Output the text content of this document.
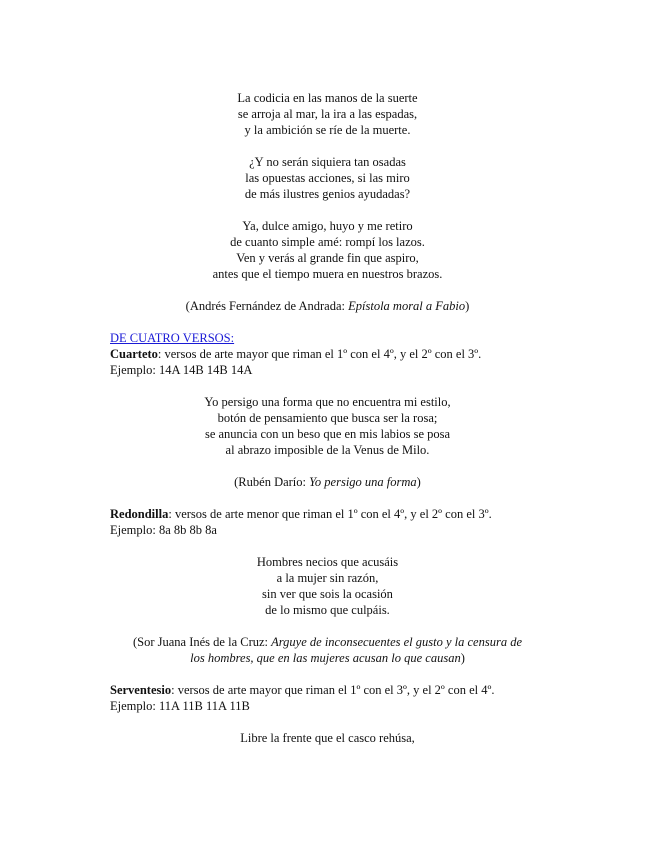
La codicia en las manos de la suerte
se arroja al mar, la ira a las espadas,
y la ambición se ríe de la muerte.
¿Y no serán siquiera tan osadas
las opuestas acciones, si las miro
de más ilustres genios ayudadas?
Ya, dulce amigo, huyo y me retiro
de cuanto simple amé: rompí los lazos.
Ven y verás al grande fin que aspiro,
antes que el tiempo muera en nuestros brazos.
(Andrés Fernández de Andrada: Epístola moral a Fabio)
DE CUATRO VERSOS:
Cuarteto: versos de arte mayor que riman el 1º con el 4º, y el 2º con el 3º.
Ejemplo: 14A 14B 14B 14A
Yo persigo una forma que no encuentra mi estilo,
botón de pensamiento que busca ser la rosa;
se anuncia con un beso que en mis labios se posa
al abrazo imposible de la Venus de Milo.
(Rubén Darío: Yo persigo una forma)
Redondilla: versos de arte menor que riman el 1º con el 4º, y el 2º con el 3º.
Ejemplo: 8a 8b 8b 8a
Hombres necios que acusáis
a la mujer sin razón,
sin ver que sois la ocasión
de lo mismo que culpáis.
(Sor Juana Inés de la Cruz: Arguye de inconsecuentes el gusto y la censura de
los hombres, que en las mujeres acusan lo que causan)
Serventesio: versos de arte mayor que riman el 1º con el 3º, y el 2º con el 4º.
Ejemplo: 11A 11B 11A 11B
Libre la frente que el casco rehúsa,
